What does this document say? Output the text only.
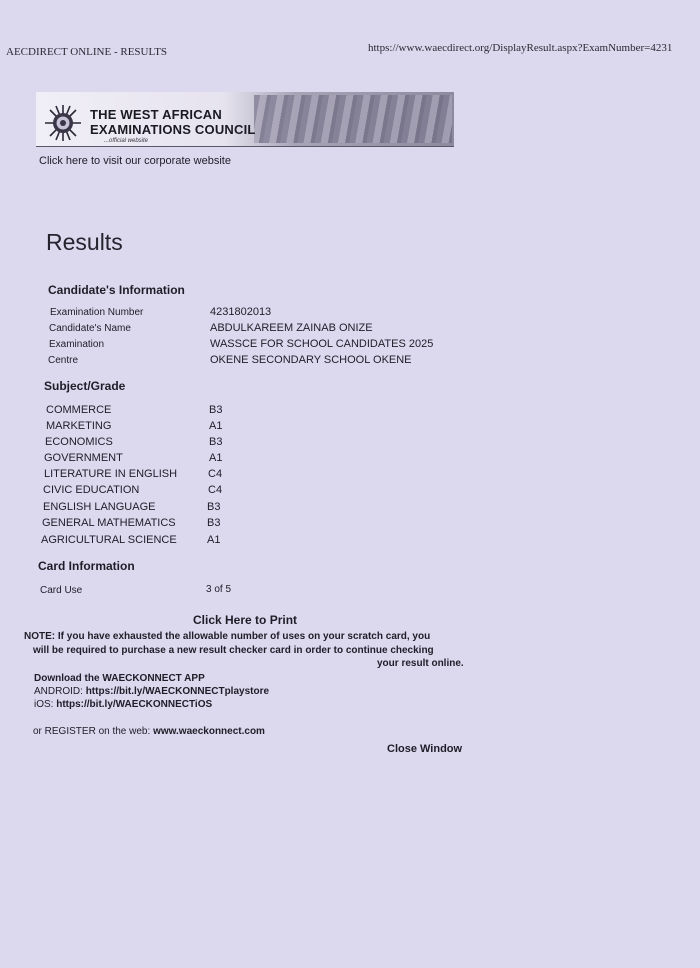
AECDIRECT ONLINE - RESULTS	https://www.waecdirect.org/DisplayResult.aspx?ExamNumber=4231
THE WEST AFRICAN
EXAMINATIONS COUNCIL
...official website
Click here to visit our corporate website
Results
Candidate's Information
Examination Number	4231802013
Candidate's Name	ABDULKAREEM ZAINAB ONIZE
Examination	WASSCE FOR SCHOOL CANDIDATES 2025
Centre	OKENE SECONDARY SCHOOL OKENE
Subject/Grade
COMMERCE	B3
MARKETING	A1
ECONOMICS	B3
GOVERNMENT	A1
LITERATURE IN ENGLISH	C4
CIVIC EDUCATION	C4
ENGLISH LANGUAGE	B3
GENERAL MATHEMATICS	B3
AGRICULTURAL SCIENCE	A1
Card Information
Card Use	3 of 5
Click Here to Print
NOTE: If you have exhausted the allowable number of uses on your scratch card, you
will be required to purchase a new result checker card in order to continue checking
your result online.
Download the WAECKONNECT APP
ANDROID: https://bit.ly/WAECKONNECTplaystore
iOS: https://bit.ly/WAECKONNECTiOS
or REGISTER on the web: www.waeckonnect.com
Close Window
